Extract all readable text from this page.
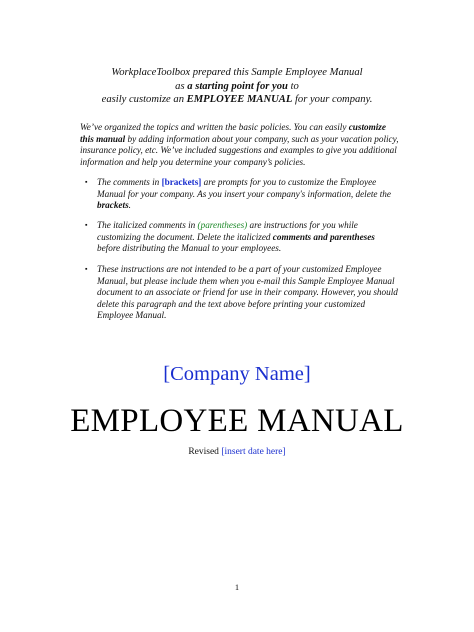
WorkplaceToolbox prepared this Sample Employee Manual
as a starting point for you to
easily customize an EMPLOYEE MANUAL for your company.
We’ve organized the topics and written the basic policies. You can easily customize this manual by adding information about your company, such as your vacation policy, insurance policy, etc. We’ve included suggestions and examples to give you additional information and help you determine your company’s policies.
▪ The comments in [brackets] are prompts for you to customize the Employee Manual for your company. As you insert your company's information, delete the brackets.
▪ The italicized comments in (parentheses) are instructions for you while customizing the document. Delete the italicized comments and parentheses before distributing the Manual to your employees.
▪ These instructions are not intended to be a part of your customized Employee Manual, but please include them when you e-mail this Sample Employee Manual document to an associate or friend for use in their company. However, you should delete this paragraph and the text above before printing your customized Employee Manual.
[Company Name]
EMPLOYEE MANUAL
Revised [insert date here]
1
